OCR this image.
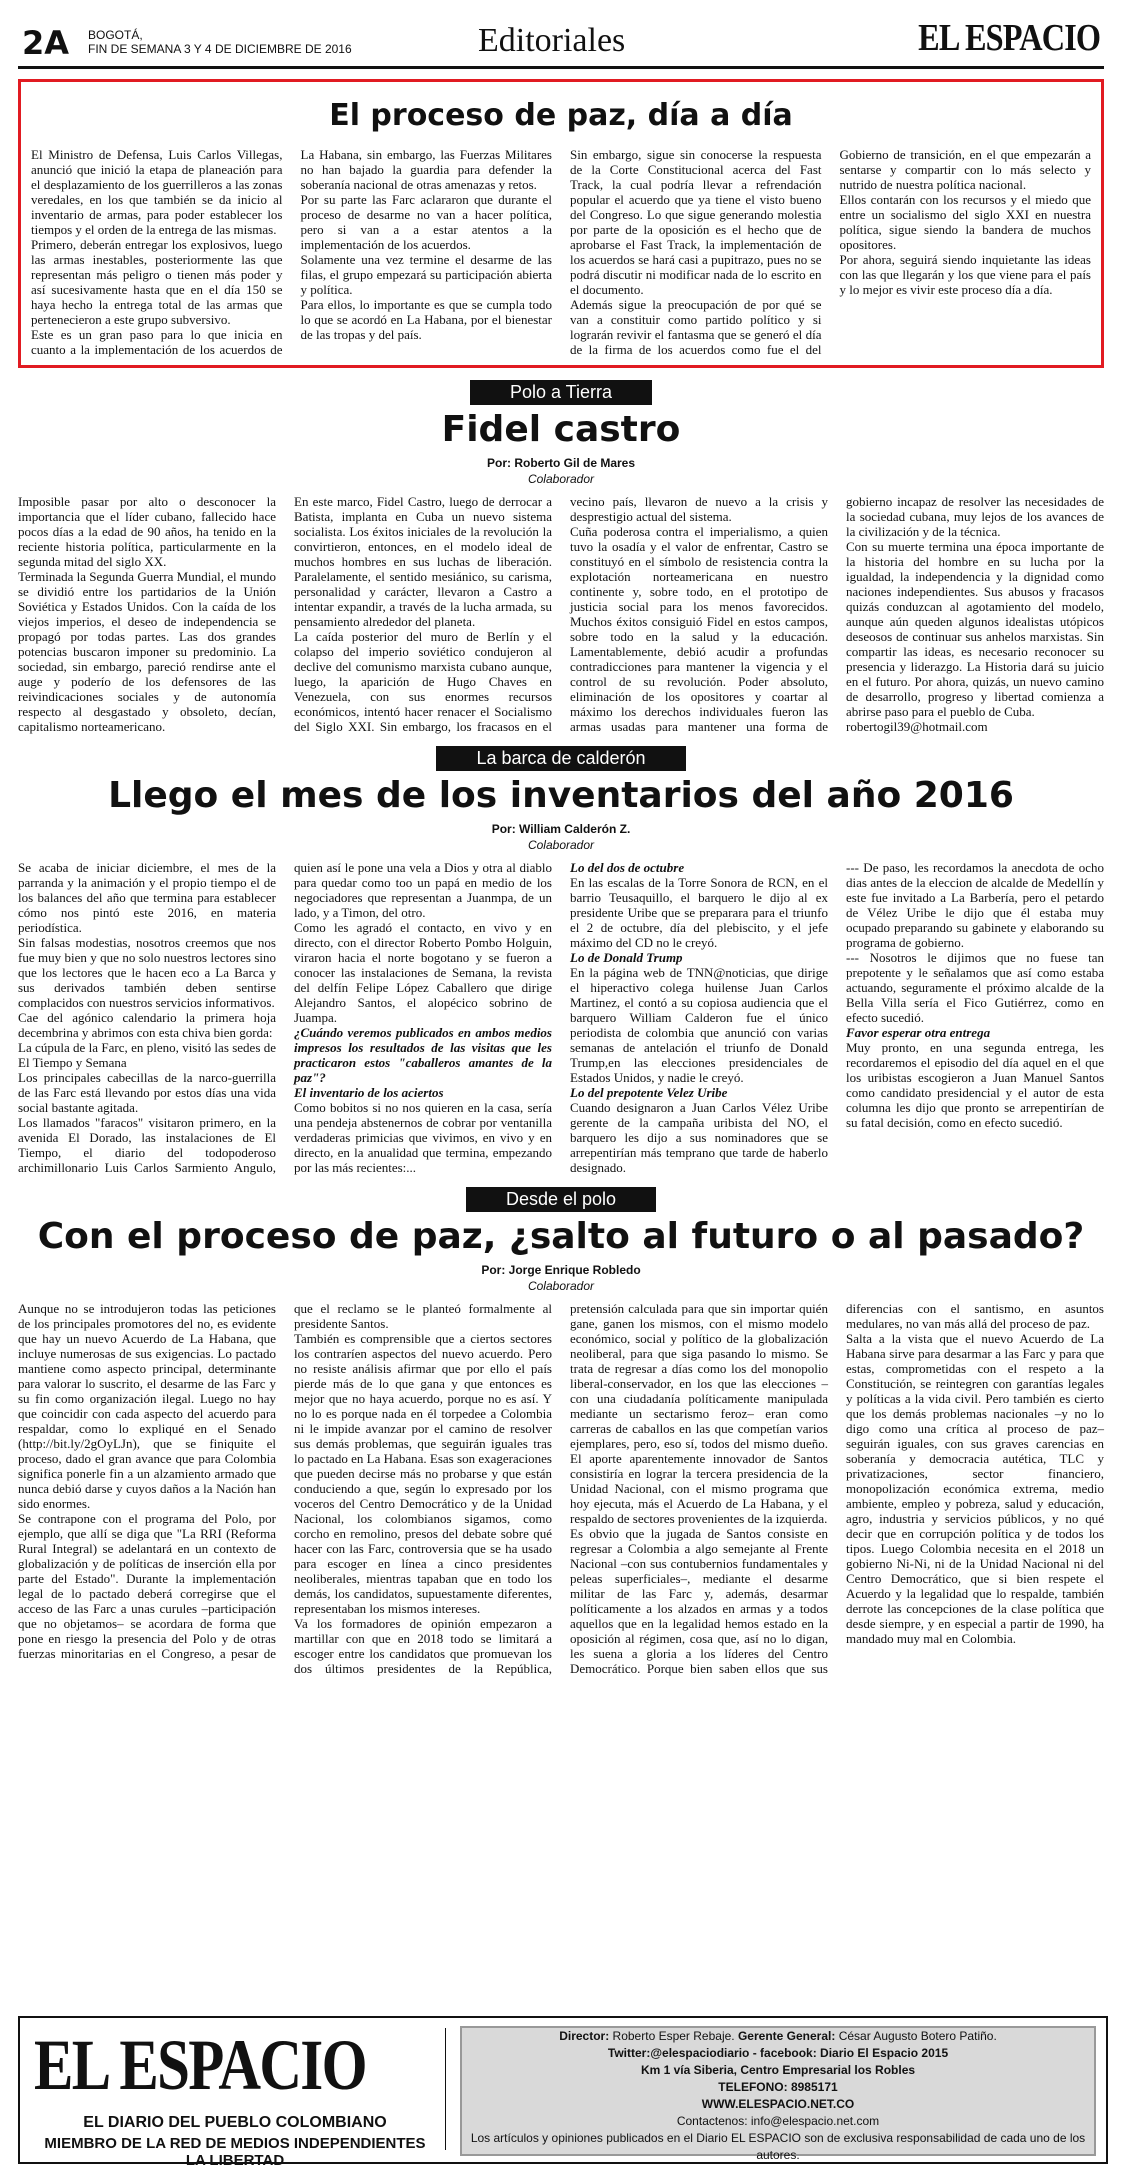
2A BOGOTÁ,
FIN DE SEMANA 3 Y 4 DE DICIEMBRE DE 2016	Editoriales	EL ESPACIO
El proceso de paz, día a día

El Ministro de Defensa, Luis Carlos Villegas, anunció que inició la etapa de planeación para el desplazamiento de los guerrilleros a las zonas veredales, en los que también se da inicio al inventario de armas, para poder establecer los tiempos y el orden de la entrega de las mismas.

Primero, deberán entregar los explosivos, luego las armas inestables, posteriormente las que representan más peligro o tienen más poder y así sucesivamente hasta que en el día 150 se haya hecho la entrega total de las armas que pertenecieron a este grupo subversivo.

Este es un gran paso para lo que inicia en cuanto a la implementación de los acuerdos de La Habana, sin embargo, las Fuerzas Militares no han bajado la guardia para defender la soberanía nacional de otras amenazas y retos.

Por su parte las Farc aclararon que durante el proceso de desarme no van a hacer política, pero si van a a estar atentos a la implementación de los acuerdos.

Solamente una vez termine el desarme de las filas, el grupo empezará su participación abierta y política.

Para ellos, lo importante es que se cumpla todo lo que se acordó en La Habana, por el bienestar de las tropas y del país.

Sin embargo, sigue sin conocerse la respuesta de la Corte Constitucional acerca del Fast Track, la cual podría llevar a refrendación popular el acuerdo que ya tiene el visto bueno del Congreso. Lo que sigue generando molestia por parte de la oposición es el hecho que de aprobarse el Fast Track, la implementación de los acuerdos se hará casi a pupitrazo, pues no se podrá discutir ni modificar nada de lo escrito en el documento.

Además sigue la preocupación de por qué se van a constituir como partido político y si lograrán revivir el fantasma que se generó el día de la firma de los acuerdos como fue el del Gobierno de transición, en el que empezarán a sentarse y compartir con lo más selecto y nutrido de nuestra política nacional.

Ellos contarán con los recursos y el miedo que entre un socialismo del siglo XXI en nuestra política, sigue siendo la bandera de muchos opositores.

Por ahora, seguirá siendo inquietante las ideas con las que llegarán y los que viene para el país y lo mejor es vivir este proceso día a día.

Polo a Tierra
Fidel castro
Por: Roberto Gil de Mares
Colaborador

Imposible pasar por alto o desconocer la importancia que el líder cubano, fallecido hace pocos días a la edad de 90 años, ha tenido en la reciente historia política, particularmente en la segunda mitad del siglo XX.

Terminada la Segunda Guerra Mundial, el mundo se dividió entre los partidarios de la Unión Soviética y Estados Unidos. Con la caída de los viejos imperios, el deseo de independencia se propagó por todas partes. Las dos grandes potencias buscaron imponer su predominio. La sociedad, sin embargo, pareció rendirse ante el auge y poderío de los defensores de las reivindicaciones sociales y de autonomía respecto al desgastado y obsoleto, decían, capitalismo norteamericano.

En este marco, Fidel Castro, luego de derrocar a Batista, implanta en Cuba un nuevo sistema socialista. Los éxitos iniciales de la revolución la convirtieron, entonces, en el modelo ideal de muchos hombres en sus luchas de liberación. Paralelamente, el sentido mesiánico, su carisma, personalidad y carácter, llevaron a Castro a intentar expandir, a través de la lucha armada, su pensamiento alrededor del planeta.

La caída posterior del muro de Berlín y el colapso del imperio soviético condujeron al declive del comunismo marxista cubano aunque, luego, la aparición de Hugo Chaves en Venezuela, con sus enormes recursos económicos, intentó hacer renacer el Socialismo del Siglo XXI. Sin embargo, los fracasos en el vecino país, llevaron de nuevo a la crisis y desprestigio actual del sistema.

Cuña poderosa contra el imperialismo, a quien tuvo la osadía y el valor de enfrentar, Castro se constituyó en el símbolo de resistencia contra la explotación norteamericana en nuestro continente y, sobre todo, en el prototipo de justicia social para los menos favorecidos. Muchos éxitos consiguió Fidel en estos campos, sobre todo en la salud y la educación. Lamentablemente, debió acudir a profundas contradicciones para mantener la vigencia y el control de su revolución. Poder absoluto, eliminación de los opositores y coartar al máximo los derechos individuales fueron las armas usadas para mantener una forma de gobierno incapaz de resolver las necesidades de la sociedad cubana, muy lejos de los avances de la civilización y de la técnica.

Con su muerte termina una época importante de la historia del hombre en su lucha por la igualdad, la independencia y la dignidad como naciones independientes. Sus abusos y fracasos quizás conduzcan al agotamiento del modelo, aunque aún queden algunos idealistas utópicos deseosos de continuar sus anhelos marxistas. Sin compartir las ideas, es necesario reconocer su presencia y liderazgo. La Historia dará su juicio en el futuro. Por ahora, quizás, un nuevo camino de desarrollo, progreso y libertad comienza a abrirse paso para el pueblo de Cuba.

robertogil39@hotmail.com

La barca de calderón
Llego el mes de los inventarios del año 2016
Por: William Calderón Z.
Colaborador

Se acaba de iniciar diciembre, el mes de la parranda y la animación y el propio tiempo el de los balances del año que termina para establecer cómo nos pintó este 2016, en materia periodística.

Sin falsas modestias, nosotros creemos que nos fue muy bien y que no solo nuestros lectores sino que los lectores que le hacen eco a La Barca y sus derivados también deben sentirse complacidos con nuestros servicios informativos.

Cae del agónico calendario la primera hoja decembrina y abrimos con esta chiva bien gorda:

La cúpula de la Farc, en pleno, visitó las sedes de El Tiempo y Semana

Los principales cabecillas de la narco-guerrilla de las Farc está llevando por estos días una vida social bastante agitada.

Los llamados "faracos" visitaron primero, en la avenida El Dorado, las instalaciones de El Tiempo, el diario del todopoderoso archimillonario Luis Carlos Sarmiento Angulo, quien así le pone una vela a Dios y otra al diablo para quedar como too un papá en medio de los negociadores que representan a Juanmpa, de un lado, y a Timon, del otro.

Como les agradó el contacto, en vivo y en directo, con el director Roberto Pombo Holguin, viraron hacia el norte bogotano y se fueron a conocer las instalaciones de Semana, la revista del delfín Felipe López Caballero que dirige Alejandro Santos, el alopécico sobrino de Juampa.

¿Cuándo veremos publicados en ambos medios impresos los resultados de las visitas que les practicaron estos "caballeros amantes de la paz"?

El inventario de los aciertos

Como bobitos si no nos quieren en la casa, sería una pendeja abstenernos de cobrar por ventanilla verdaderas primicias que vivimos, en vivo y en directo, en la anualidad que termina, empezando por las más recientes:...

Lo del dos de octubre

En las escalas de la Torre Sonora de RCN, en el barrio Teusaquillo, el barquero le dijo al ex presidente Uribe que se preparara para el triunfo el 2 de octubre, día del plebiscito, y el jefe máximo del CD no le creyó.

Lo de Donald Trump

En la página web de TNN@noticias, que dirige el hiperactivo colega huilense Juan Carlos Martinez, el contó a su copiosa audiencia que el barquero William Calderon fue el único periodista de colombia que anunció con varias semanas de antelación el triunfo de Donald Trump,en las elecciones presidenciales de Estados Unidos, y nadie le creyó.

Lo del prepotente Velez Uribe

Cuando designaron a Juan Carlos Vélez Uribe gerente de la campaña uribista del NO, el barquero les dijo a sus nominadores que se arrepentirían más temprano que tarde de haberlo designado.

--- De paso, les recordamos la anecdota de ocho dias antes de la eleccion de alcalde de Medellín y este fue invitado a La Barbería, pero el petardo de Vélez Uribe le dijo que él estaba muy ocupado preparando su gabinete y elaborando su programa de gobierno.

--- Nosotros le dijimos que no fuese tan prepotente y le señalamos que así como estaba actuando, seguramente el próximo alcalde de la Bella Villa sería el Fico Gutiérrez, como en efecto sucedió.

Favor esperar otra entrega

Muy pronto, en una segunda entrega, les recordaremos el episodio del día aquel en el que los uribistas escogieron a Juan Manuel Santos como candidato presidencial y el autor de esta columna les dijo que pronto se arrepentirían de su fatal decisión, como en efecto sucedió.

Desde el polo
Con el proceso de paz, ¿salto al futuro o al pasado?
Por: Jorge Enrique Robledo
Colaborador

Aunque no se introdujeron todas las peticiones de los principales promotores del no, es evidente que hay un nuevo Acuerdo de La Habana, que incluye numerosas de sus exigencias. Lo pactado mantiene como aspecto principal, determinante para valorar lo suscrito, el desarme de las Farc y su fin como organización ilegal. Luego no hay que coincidir con cada aspecto del acuerdo para respaldar, como lo expliqué en el Senado (http://bit.ly/2gOyLJn), que se finiquite el proceso, dado el gran avance que para Colombia significa ponerle fin a un alzamiento armado que nunca debió darse y cuyos daños a la Nación han sido enormes.

Se contrapone con el programa del Polo, por ejemplo, que allí se diga que "La RRI (Reforma Rural Integral) se adelantará en un contexto de globalización y de políticas de inserción ella por parte del Estado". Durante la implementación legal de lo pactado deberá corregirse que el acceso de las Farc a unas curules –participación que no objetamos– se acordara de forma que pone en riesgo la presencia del Polo y de otras fuerzas minoritarias en el Congreso, a pesar de que el reclamo se le planteó formalmente al presidente Santos.

También es comprensible que a ciertos sectores los contraríen aspectos del nuevo acuerdo. Pero no resiste análisis afirmar que por ello el país pierde más de lo que gana y que entonces es mejor que no haya acuerdo, porque no es así. Y no lo es porque nada en él torpedee a Colombia ni le impide avanzar por el camino de resolver sus demás problemas, que seguirán iguales tras lo pactado en La Habana. Esas son exageraciones que pueden decirse más no probarse y que están conduciendo a que, según lo expresado por los voceros del Centro Democrático y de la Unidad Nacional, los colombianos sigamos, como corcho en remolino, presos del debate sobre qué hacer con las Farc, controversia que se ha usado para escoger en línea a cinco presidentes neoliberales, mientras tapaban que en todo los demás, los candidatos, supuestamente diferentes, representaban los mismos intereses.

Va los formadores de opinión empezaron a martillar con que en 2018 todo se limitará a escoger entre los candidatos que promuevan los dos últimos presidentes de la República, pretensión calculada para que sin importar quién gane, ganen los mismos, con el mismo modelo económico, social y político de la globalización neoliberal, para que siga pasando lo mismo. Se trata de regresar a días como los del monopolio liberal-conservador, en los que las elecciones –con una ciudadanía políticamente manipulada mediante un sectarismo feroz– eran como carreras de caballos en las que competían varios ejemplares, pero, eso sí, todos del mismo dueño. El aporte aparentemente innovador de Santos consistiría en lograr la tercera presidencia de la Unidad Nacional, con el mismo programa que hoy ejecuta, más el Acuerdo de La Habana, y el respaldo de sectores provenientes de la izquierda.

Es obvio que la jugada de Santos consiste en regresar a Colombia a algo semejante al Frente Nacional –con sus contubernios fundamentales y peleas superficiales–, mediante el desarme militar de las Farc y, además, desarmar políticamente a los alzados en armas y a todos aquellos que en la legalidad hemos estado en la oposición al régimen, cosa que, así no lo digan, les suena a gloria a los líderes del Centro Democrático. Porque bien saben ellos que sus diferencias con el santismo, en asuntos medulares, no van más allá del proceso de paz.

Salta a la vista que el nuevo Acuerdo de La Habana sirve para desarmar a las Farc y para que estas, comprometidas con el respeto a la Constitución, se reintegren con garantías legales y políticas a la vida civil. Pero también es cierto que los demás problemas nacionales –y no lo digo como una crítica al proceso de paz– seguirán iguales, con sus graves carencias en soberanía y democracia autética, TLC y privatizaciones, sector financiero, monopolización económica extrema, medio ambiente, empleo y pobreza, salud y educación, agro, industria y servicios públicos, y no qué decir que en corrupción política y de todos los tipos. Luego Colombia necesita en el 2018 un gobierno Ni-Ni, ni de la Unidad Nacional ni del Centro Democrático, que si bien respete el Acuerdo y la legalidad que lo respalde, también derrote las concepciones de la clase política que desde siempre, y en especial a partir de 1990, ha mandado muy mal en Colombia.

EL ESPACIO
EL DIARIO DEL PUEBLO COLOMBIANO
MIEMBRO DE LA RED DE MEDIOS INDEPENDIENTES LA LIBERTAD
Director: Roberto Esper Rebaje. Gerente General: César Augusto Botero Patiño.
Twitter:@elespaciodiario - facebook: Diario El Espacio 2015
Km 1 vía Siberia, Centro Empresarial los Robles
TELEFONO: 8985171
WWW.ELESPACIO.NET.CO
Contactenos: info@elespacio.net.com
Los artículos y opiniones publicados en el Diario EL ESPACIO son de exclusiva responsabilidad de cada uno de los autores.
